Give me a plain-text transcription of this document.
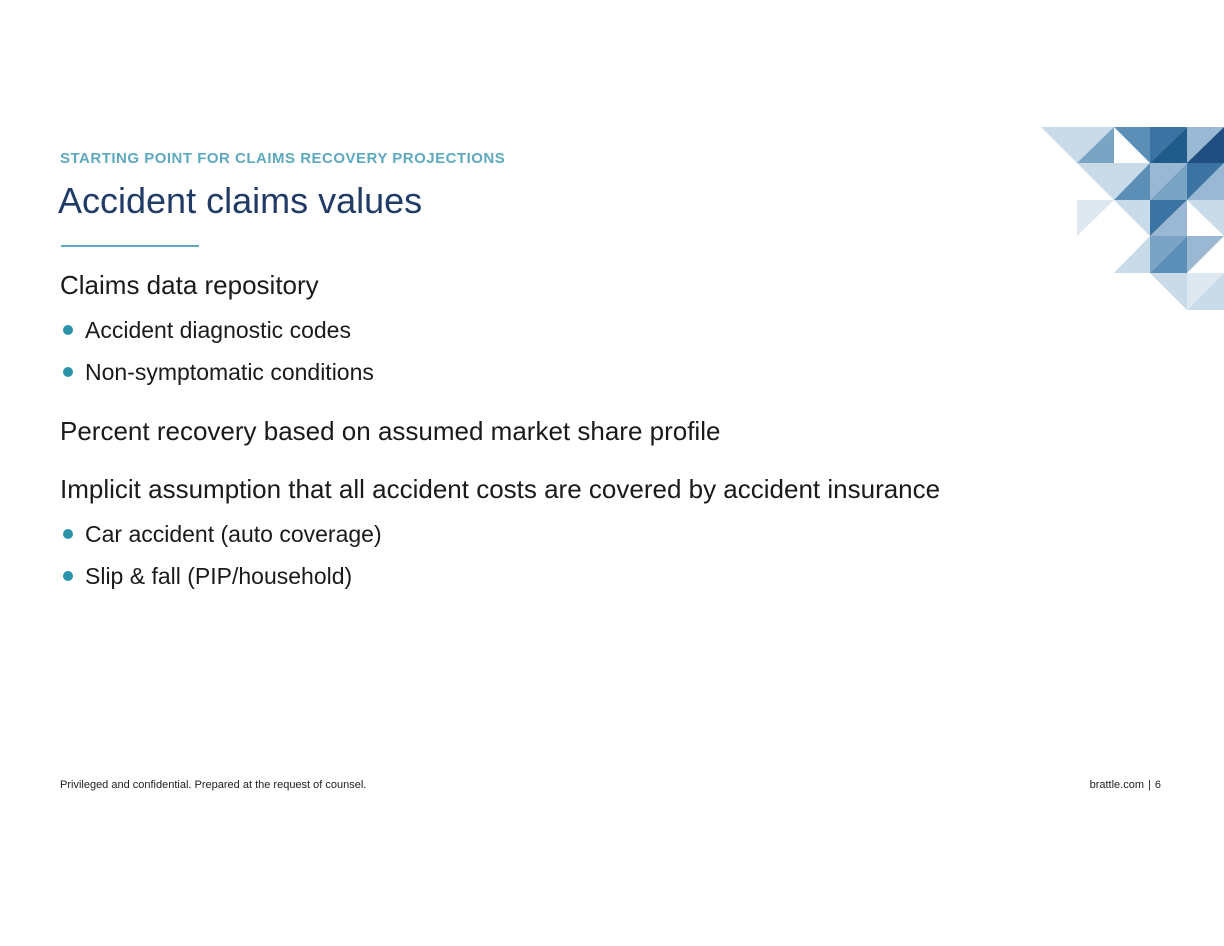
STARTING POINT FOR CLAIMS RECOVERY PROJECTIONS
Accident claims values
Claims data repository
Accident diagnostic codes
Non-symptomatic conditions
Percent recovery based on assumed market share profile
Implicit assumption that all accident costs are covered by accident insurance
Car accident (auto coverage)
Slip & fall (PIP/household)
Privileged and confidential. Prepared at the request of counsel.	brattle.com | 6
